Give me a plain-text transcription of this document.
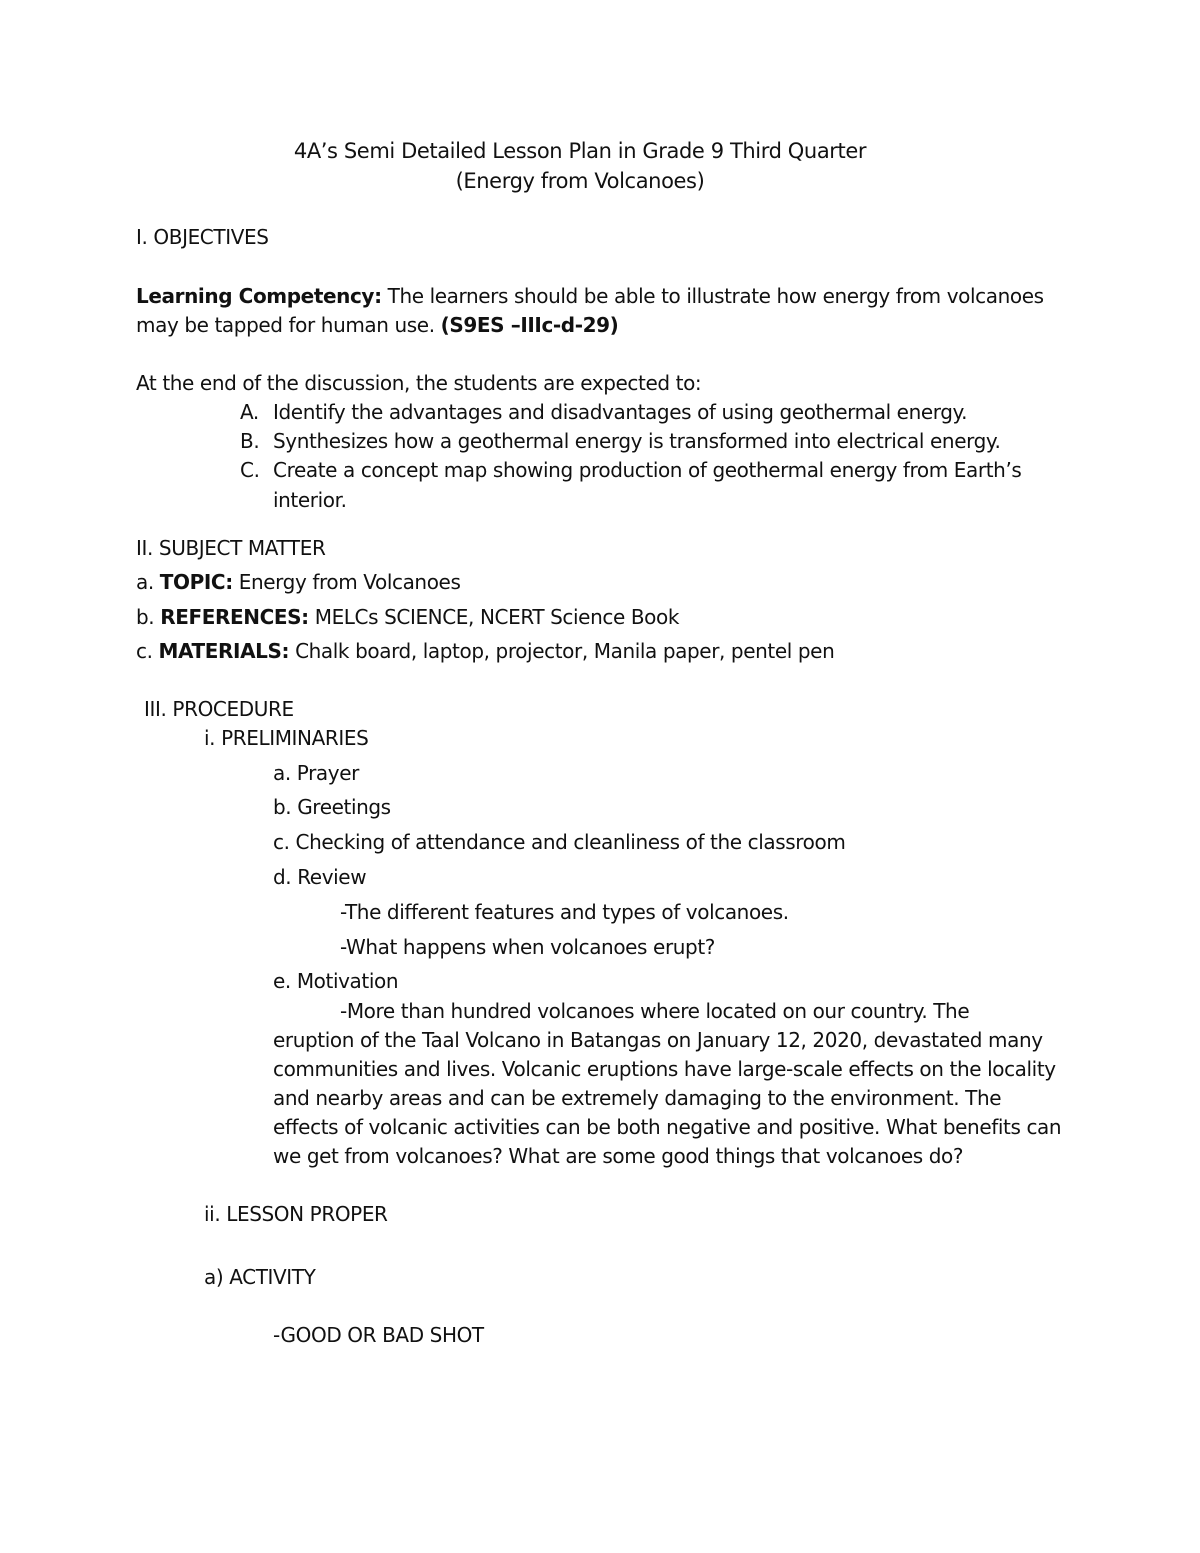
4A’s Semi Detailed Lesson Plan in Grade 9 Third Quarter
(Energy from Volcanoes)
I. OBJECTIVES
Learning Competency: The learners should be able to illustrate how energy from volcanoes
may be tapped for human use. (S9ES –IIIc-d-29)
At the end of the discussion, the students are expected to:
A. Identify the advantages and disadvantages of using geothermal energy.
B. Synthesizes how a geothermal energy is transformed into electrical energy.
C. Create a concept map showing production of geothermal energy from Earth’s
interior.
II. SUBJECT MATTER
a. TOPIC: Energy from Volcanoes
b. REFERENCES: MELCs SCIENCE, NCERT Science Book
c. MATERIALS: Chalk board, laptop, projector, Manila paper, pentel pen
III. PROCEDURE
i. PRELIMINARIES
a. Prayer
b. Greetings
c. Checking of attendance and cleanliness of the classroom
d. Review
-The different features and types of volcanoes.
-What happens when volcanoes erupt?
e. Motivation
-More than hundred volcanoes where located on our country. The
eruption of the Taal Volcano in Batangas on January 12, 2020, devastated many
communities and lives. Volcanic eruptions have large-scale effects on the locality
and nearby areas and can be extremely damaging to the environment. The
effects of volcanic activities can be both negative and positive. What benefits can
we get from volcanoes? What are some good things that volcanoes do?
ii. LESSON PROPER
a) ACTIVITY
-GOOD OR BAD SHOT
